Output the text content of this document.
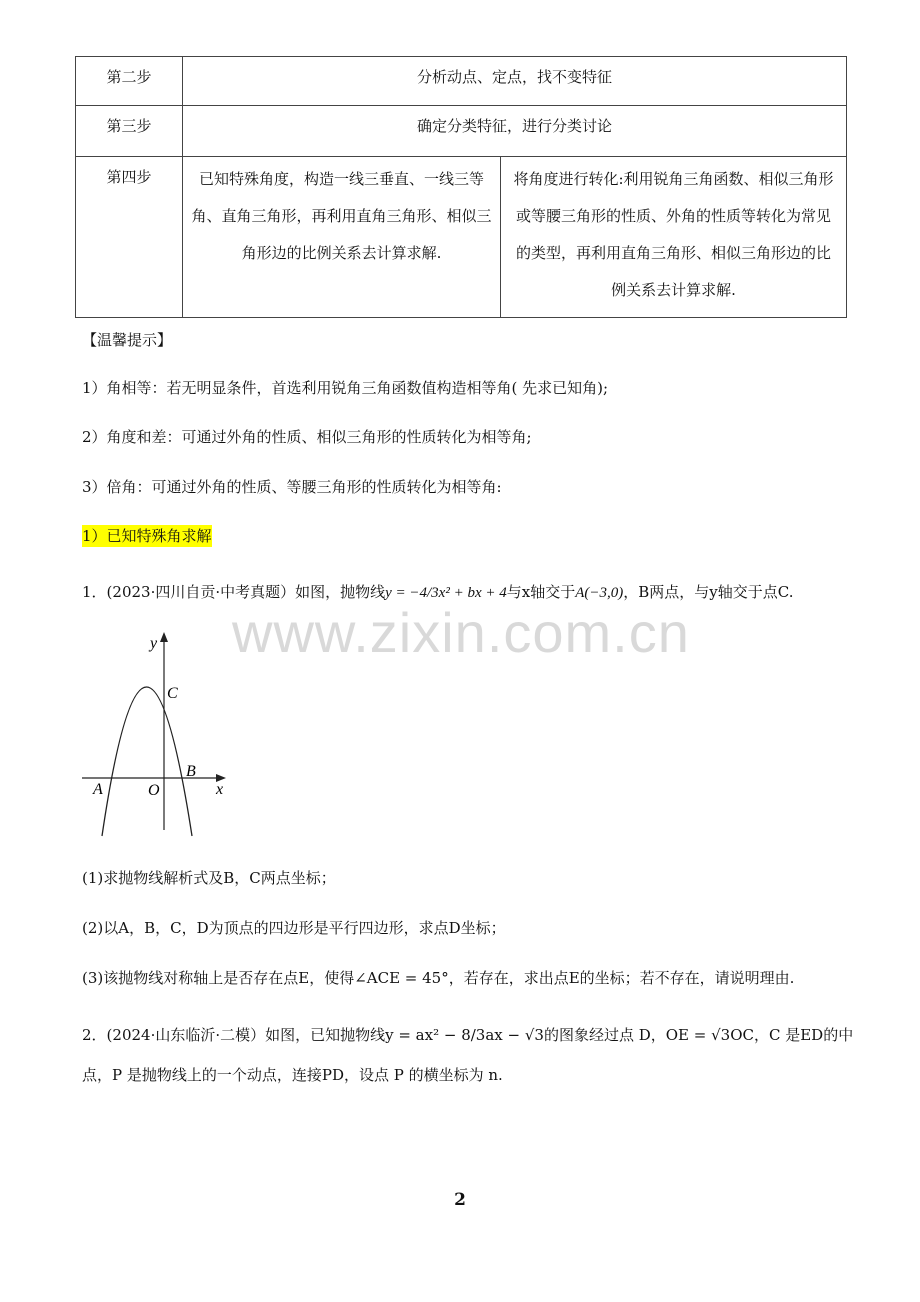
第二步	分析动点、定点，找不变特征	
第三步	确定分类特征，进行分类讨论	
第四步	已知特殊角度，构造一线三垂直、一线三等角、直角三角形，再利用直角三角形、相似三角形边的比例关系去计算求解.	将角度进行转化:利用锐角三角函数、相似三角形或等腰三角形的性质、外角的性质等转化为常见的类型，再利用直角三角形、相似三角形边的比例关系去计算求解.
【温馨提示】
1）角相等：若无明显条件，首选利用锐角三角函数值构造相等角( 先求已知角);
2）角度和差：可通过外角的性质、相似三角形的性质转化为相等角;
3）倍角：可通过外角的性质、等腰三角形的性质转化为相等角:
1）已知特殊角求解
www.zixin.com.cn
1．(2023·四川自贡·中考真题）如图，抛物线y = −4/3x² + bx + 4与x轴交于A(−3,0)，B两点，与y轴交于点C.
y
x
C
B
A	O
(1)求抛物线解析式及B，C两点坐标；
(2)以A，B，C，D为顶点的四边形是平行四边形，求点D坐标；
(3)该抛物线对称轴上是否存在点E，使得∠ACE = 45°，若存在，求出点E的坐标；若不存在，请说明理由.
2．(2024·山东临沂·二模）如图，已知抛物线y = ax² − 8/3ax − √3的图象经过点 D，OE = √3OC，C 是ED的中
点，P 是抛物线上的一个动点，连接PD，设点 P 的横坐标为 n.
2
